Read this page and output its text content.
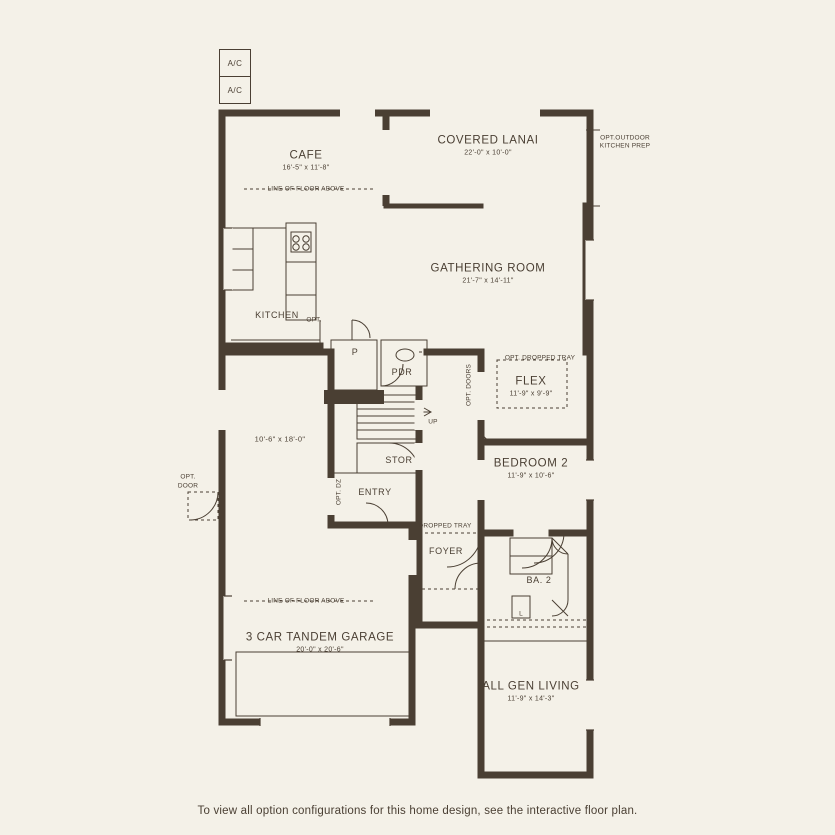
A/C
A/C
CAFE
16'-5" x 11'-8"
COVERED LANAI
22'-0" x 10'-0"
GATHERING ROOM
21'-7" x 14'-11"
KITCHEN
PDR
FLEX
11'-9" x 9'-9"
BEDROOM 2
11'-9" x 10'-6"
STOR
ENTRY
FOYER
BA. 2
ALL GEN LIVING
11'-9" x 14'-3"
3 CAR TANDEM GARAGE
20'-0" x 20'-6"
10'-6" x 18'-0"
LINE OF FLOOR ABOVE
LINE OF FLOOR ABOVE
OPT.OUTDOOR
KITCHEN PREP
OPT.
OPT. DROPPED TRAY
OPT. DOORS
OPT. DZ
DROPPED TRAY
OPT.
DOOR
UP
P
L
To view all option configurations for this home design, see the interactive floor plan.
